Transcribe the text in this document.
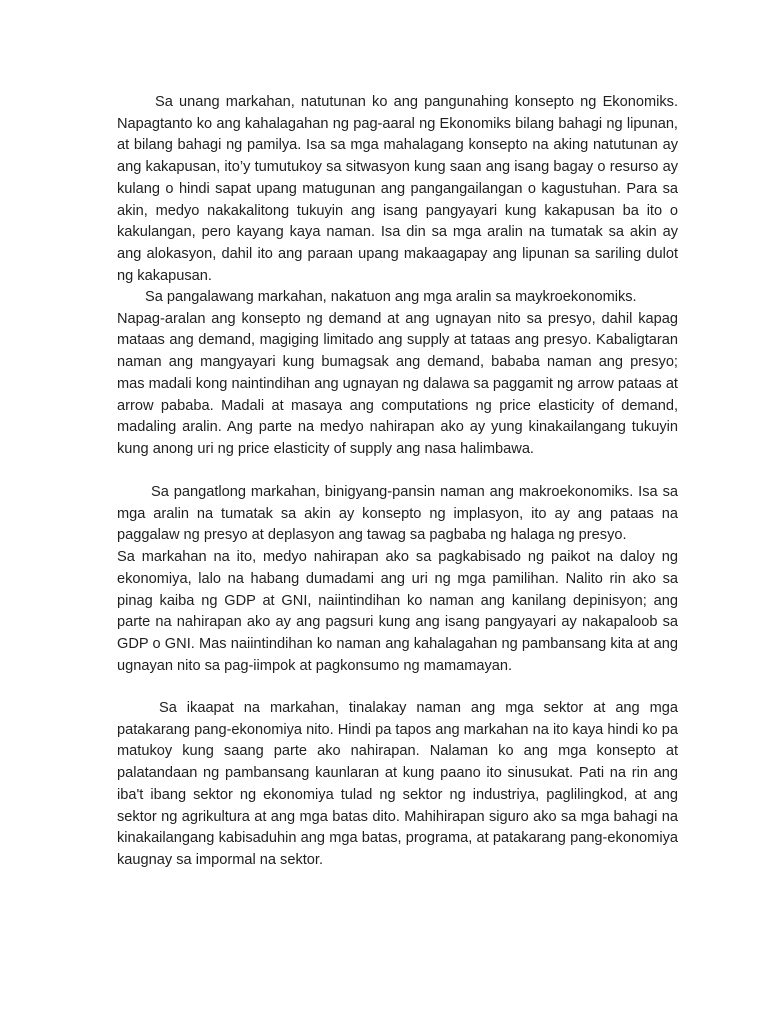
Sa unang markahan, natutunan ko ang pangunahing konsepto ng Ekonomiks. Napagtanto ko ang kahalagahan ng pag-aaral ng Ekonomiks bilang bahagi ng lipunan, at bilang bahagi ng pamilya. Isa sa mga mahalagang konsepto na aking natutunan ay ang kakapusan, ito’y tumutukoy sa sitwasyon kung saan ang isang bagay o resurso ay kulang o hindi sapat upang matugunan ang pangangailangan o kagustuhan. Para sa akin, medyo nakakalitong tukuyin ang isang pangyayari kung kakapusan ba ito o kakulangan, pero kayang kaya naman. Isa din sa mga aralin na tumatak sa akin ay ang alokasyon, dahil ito ang paraan upang makaagapay ang lipunan sa sariling dulot ng kakapusan.

Sa pangalawang markahan, nakatuon ang mga aralin sa maykroekonomiks.

Napag-aralan ang konsepto ng demand at ang ugnayan nito sa presyo, dahil kapag mataas ang demand, magiging limitado ang supply at tataas ang presyo. Kabaligtaran naman ang mangyayari kung bumagsak ang demand, bababa naman ang presyo; mas madali kong naintindihan ang ugnayan ng dalawa sa paggamit ng arrow pataas at arrow pababa. Madali at masaya ang computations ng price elasticity of demand, madaling aralin. Ang parte na medyo nahirapan ako ay yung kinakailangang tukuyin kung anong uri ng price elasticity of supply ang nasa halimbawa.

Sa pangatlong markahan, binigyang-pansin naman ang makroekonomiks. Isa sa mga aralin na tumatak sa akin ay konsepto ng implasyon, ito ay ang pataas na paggalaw ng presyo at deplasyon ang tawag sa pagbaba ng halaga ng presyo.

Sa markahan na ito, medyo nahirapan ako sa pagkabisado ng paikot na daloy ng ekonomiya, lalo na habang dumadami ang uri ng mga pamilihan. Nalito rin ako sa pinag kaiba ng GDP at GNI, naiintindihan ko naman ang kanilang depinisyon; ang parte na nahirapan ako ay ang pagsuri kung ang isang pangyayari ay nakapaloob sa GDP o GNI. Mas naiintindihan ko naman ang kahalagahan ng pambansang kita at ang ugnayan nito sa pag-iimpok at pagkonsumo ng mamamayan.

Sa ikaapat na markahan, tinalakay naman ang mga sektor at ang mga patakarang pang-ekonomiya nito. Hindi pa tapos ang markahan na ito kaya hindi ko pa matukoy kung saang parte ako nahirapan. Nalaman ko ang mga konsepto at palatandaan ng pambansang kaunlaran at kung paano ito sinusukat. Pati na rin ang iba't ibang sektor ng ekonomiya tulad ng sektor ng industriya, paglilingkod, at ang sektor ng agrikultura at ang mga batas dito. Mahihirapan siguro ako sa mga bahagi na kinakailangang kabisaduhin ang mga batas, programa, at patakarang pang-ekonomiya kaugnay sa impormal na sektor.
